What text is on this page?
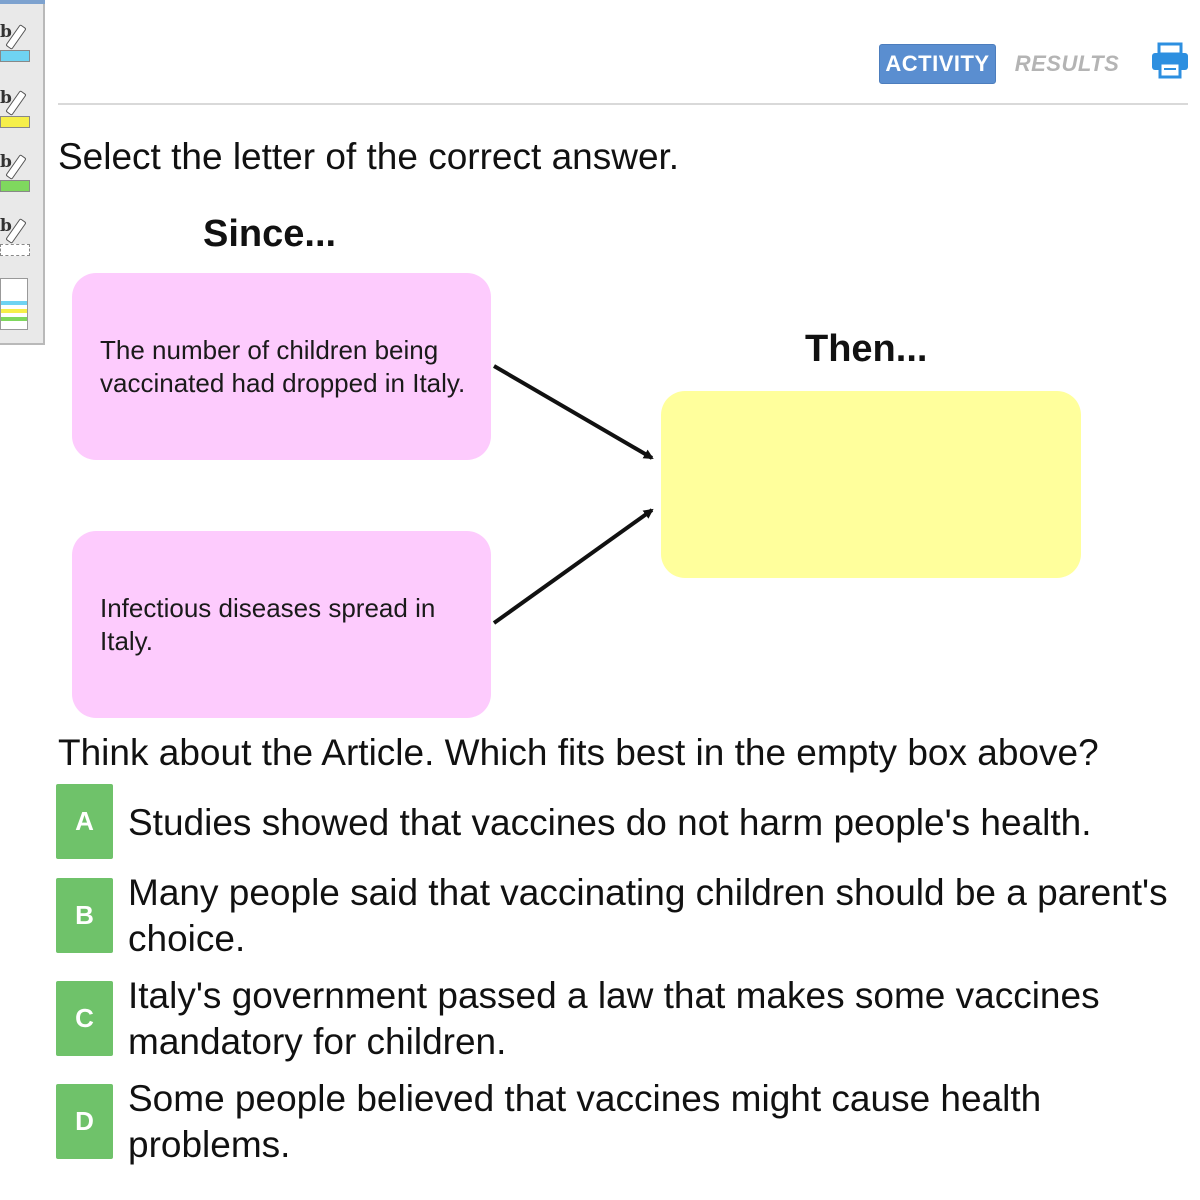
b
b
b
b
ACTIVITY RESULTS
Select the letter of the correct answer.
Since...
Then...
The number of children being vaccinated had dropped in Italy.
Infectious diseases spread in Italy.
Think about the Article. Which fits best in the empty box above?
A Studies showed that vaccines do not harm people's health.
B
Many people said that vaccinating children should be a parent's choice.
C
Italy's government passed a law that makes some vaccines mandatory for children.
D
Some people believed that vaccines might cause health problems.
